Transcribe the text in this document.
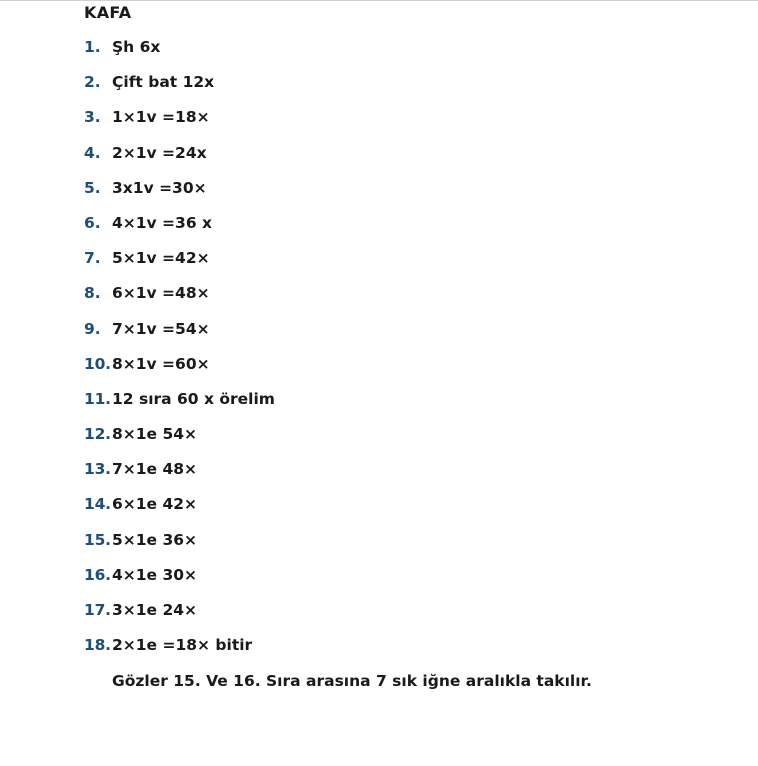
KAFA
1. Şh 6x
2. Çift bat 12x
3. 1×1v =18×
4. 2×1v =24x
5. 3x1v =30×
6. 4×1v =36 x
7. 5×1v =42×
8. 6×1v =48×
9. 7×1v =54×
10. 8×1v =60×
11. 12 sıra 60 x örelim
12. 8×1e 54×
13. 7×1e 48×
14. 6×1e 42×
15. 5×1e 36×
16. 4×1e 30×
17. 3×1e 24×
18. 2×1e =18× bitir
Gözler 15. Ve 16. Sıra arasına 7 sık iğne aralıkla takılır.
